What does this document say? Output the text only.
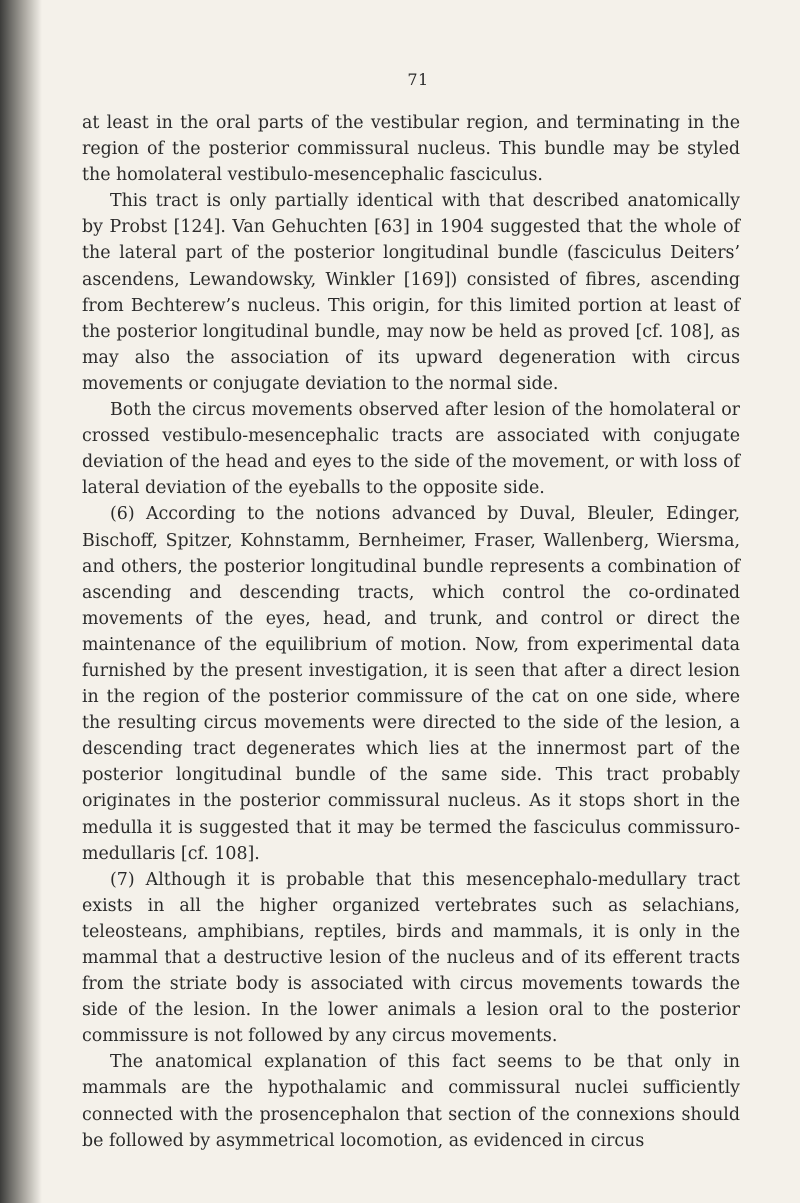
71

at least in the oral parts of the vestibular region, and terminating in the region of the posterior commissural nucleus. This bundle may be styled the homolateral vestibulo-mesencephalic fasciculus.

This tract is only partially identical with that described anatomically by Probst [124]. Van Gehuchten [63] in 1904 suggested that the whole of the lateral part of the posterior longitudinal bundle (fasciculus Deiters’ ascendens, Lewandowsky, Winkler [169]) consisted of fibres, ascending from Bechterew’s nucleus. This origin, for this limited portion at least of the posterior longitudinal bundle, may now be held as proved [cf. 108], as may also the association of its upward degeneration with circus movements or conjugate deviation to the normal side.

Both the circus movements observed after lesion of the homolateral or crossed vestibulo-mesencephalic tracts are associated with conjugate deviation of the head and eyes to the side of the movement, or with loss of lateral deviation of the eyeballs to the opposite side.

(6) According to the notions advanced by Duval, Bleuler, Edinger, Bischoff, Spitzer, Kohnstamm, Bernheimer, Fraser, Wallenberg, Wiersma, and others, the posterior longitudinal bundle represents a combination of ascending and descending tracts, which control the co-ordinated movements of the eyes, head, and trunk, and control or direct the maintenance of the equilibrium of motion. Now, from experimental data furnished by the present investigation, it is seen that after a direct lesion in the region of the posterior commissure of the cat on one side, where the resulting circus movements were directed to the side of the lesion, a descending tract degenerates which lies at the innermost part of the posterior longitudinal bundle of the same side. This tract probably originates in the posterior commissural nucleus. As it stops short in the medulla it is suggested that it may be termed the fasciculus commissuro-medullaris [cf. 108].

(7) Although it is probable that this mesencephalo-medullary tract exists in all the higher organized vertebrates such as selachians, teleosteans, amphibians, reptiles, birds and mammals, it is only in the mammal that a destructive lesion of the nucleus and of its efferent tracts from the striate body is associated with circus movements towards the side of the lesion. In the lower animals a lesion oral to the posterior commissure is not followed by any circus movements.

The anatomical explanation of this fact seems to be that only in mammals are the hypothalamic and commissural nuclei sufficiently connected with the prosencephalon that section of the connexions should be followed by asymmetrical locomotion, as evidenced in circus
